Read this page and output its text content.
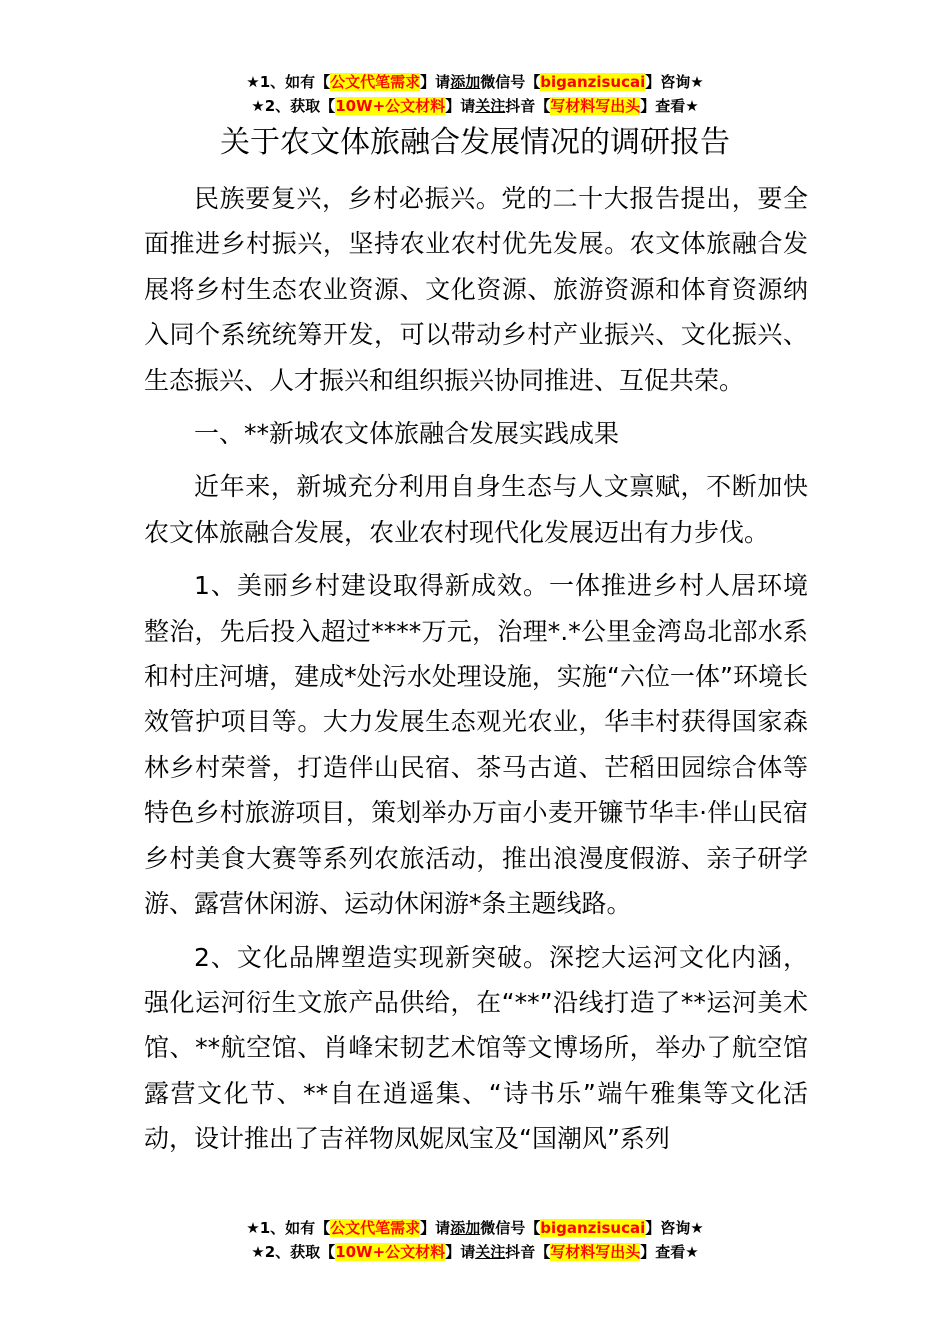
★1、如有【公文代笔需求】请添加微信号【biganzisucai】咨询★
★2、获取【10W+公文材料】请关注抖音【写材料写出头】查看★
关于农文体旅融合发展情况的调研报告

民族要复兴，乡村必振兴。党的二十大报告提出，要全面推进乡村振兴，坚持农业农村优先发展。农文体旅融合发展将乡村生态农业资源、文化资源、旅游资源和体育资源纳入同个系统统筹开发，可以带动乡村产业振兴、文化振兴、生态振兴、人才振兴和组织振兴协同推进、互促共荣。

一、**新城农文体旅融合发展实践成果

近年来，新城充分利用自身生态与人文禀赋，不断加快农文体旅融合发展，农业农村现代化发展迈出有力步伐。

1、美丽乡村建设取得新成效。一体推进乡村人居环境整治，先后投入超过****万元，治理*.*公里金湾岛北部水系和村庄河塘，建成*处污水处理设施，实施“六位一体”环境长效管护项目等。大力发展生态观光农业，华丰村获得国家森林乡村荣誉，打造伴山民宿、茶马古道、芒稻田园综合体等特色乡村旅游项目，策划举办万亩小麦开镰节华丰·伴山民宿乡村美食大赛等系列农旅活动，推出浪漫度假游、亲子研学游、露营休闲游、运动休闲游*条主题线路。

2、文化品牌塑造实现新突破。深挖大运河文化内涵，强化运河衍生文旅产品供给，在“**”沿线打造了**运河美术馆、**航空馆、肖峰宋韧艺术馆等文博场所，举办了航空馆露营文化节、**自在逍遥集、“诗书乐”端午雅集等文化活动，设计推出了吉祥物凤妮凤宝及“国潮风”系列

★1、如有【公文代笔需求】请添加微信号【biganzisucai】咨询★
★2、获取【10W+公文材料】请关注抖音【写材料写出头】查看★
